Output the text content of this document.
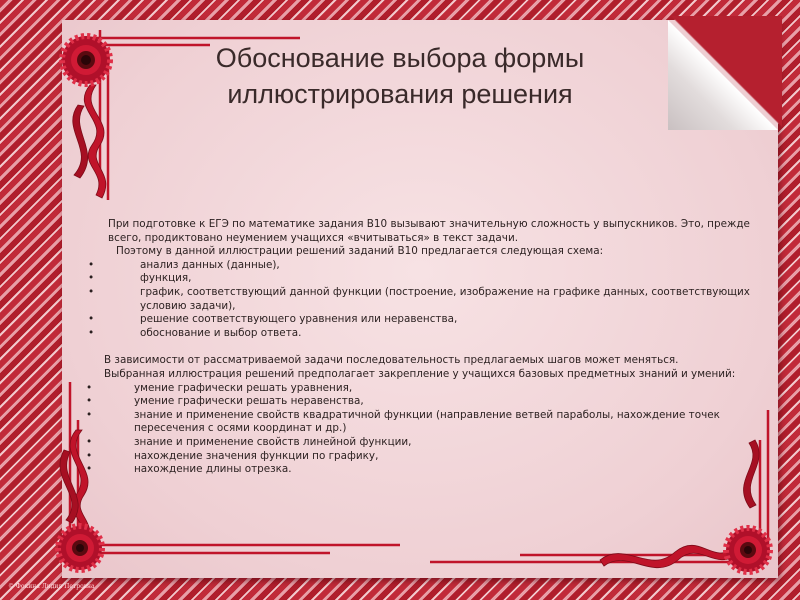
Обоснование выбора формы
иллюстрирования решения

При подготовке к ЕГЭ по математике задания В10 вызывают значительную сложность у выпускников. Это, прежде всего, продиктовано неумением учащихся «вчитываться» в текст задачи.

Поэтому в данной иллюстрации решений заданий В10 предлагается следующая схема:

•	анализ данных (данные),

•	функция,

•	график, соответствующий данной функции (построение, изображение на графике данных, соответствующих условию задачи),

•	решение соответствующего уравнения или неравенства,

•	обоснование и выбор ответа.

В зависимости от рассматриваемой задачи последовательность предлагаемых шагов может меняться.

Выбранная иллюстрация решений предполагает закрепление у учащихся базовых предметных знаний и умений:

•	умение графически решать уравнения,

•	умение графически решать неравенства,

•	знание и применение свойств квадратичной функции (направление ветвей параболы, нахождение точек пересечения с осями координат и др.)

•	знание и применение свойств линейной функции,

•	нахождение значения функции по графику,

•	нахождение длины отрезка.

© Фокина Лидия Петровна
